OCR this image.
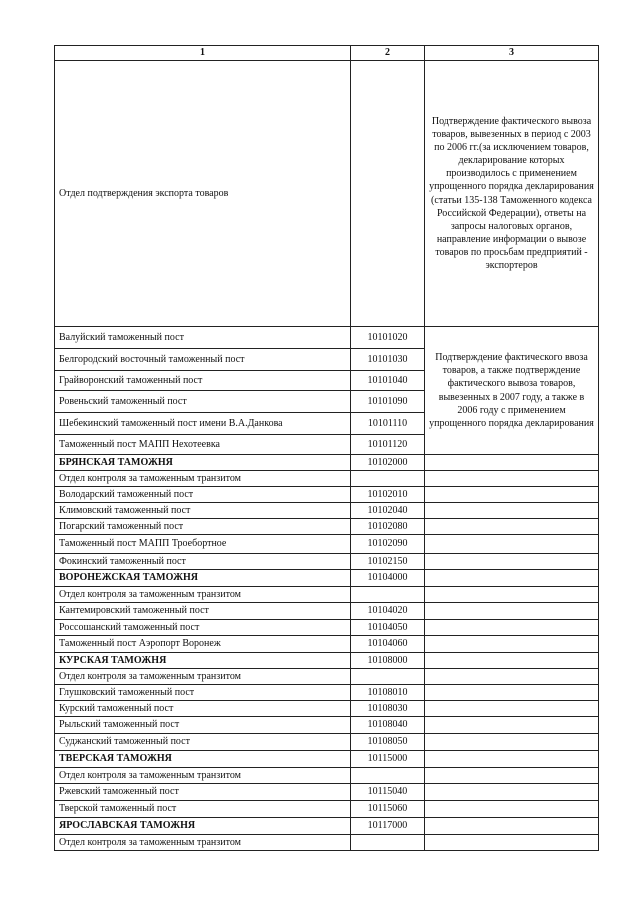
1	2	3
Отдел подтверждения экспорта товаров		Подтверждение фактического вывоза товаров, вывезенных в период с 2003 по 2006 гг.(за исключением товаров, декларирование которых производилось с применением упрощенного порядка декларирования (статьи 135-138 Таможенного кодекса Российской Федерации), ответы на запросы налоговых органов, направление информации о вывозе товаров по просьбам предприятий - экспортеров
Валуйский таможенный пост	10101020	Подтверждение фактического ввоза товаров, а также подтверждение фактического вывоза товаров, вывезенных в 2007 году, а также в 2006 году с применением упрощенного порядка декларирования
Белгородский восточный таможенный пост	10101030	
Грайворонский таможенный пост	10101040	
Ровеньский таможенный пост	10101090	
Шебекинский таможенный пост имени В.А.Данкова	10101110	
Таможенный пост МАПП Нехотеевка	10101120	
БРЯНСКАЯ ТАМОЖНЯ	10102000	
Отдел контроля за таможенным транзитом		
Володарский таможенный пост	10102010	
Климовский таможенный пост	10102040	
Погарский таможенный пост	10102080	
Таможенный пост МАПП Троебортное	10102090	
Фокинский таможенный пост	10102150	
ВОРОНЕЖСКАЯ ТАМОЖНЯ	10104000	
Отдел контроля за таможенным транзитом		
Кантемировский таможенный пост	10104020	
Россошанский таможенный пост	10104050	
Таможенный пост Аэропорт Воронеж	10104060	
КУРСКАЯ ТАМОЖНЯ	10108000	
Отдел контроля за таможенным транзитом		
Глушковский таможенный пост	10108010	
Курский таможенный пост	10108030	
Рыльский таможенный пост	10108040	
Суджанский таможенный пост	10108050	
ТВЕРСКАЯ ТАМОЖНЯ	10115000	
Отдел контроля за таможенным транзитом		
Ржевский таможенный пост	10115040	
Тверской таможенный пост	10115060	
ЯРОСЛАВСКАЯ ТАМОЖНЯ	10117000	
Отдел контроля за таможенным транзитом		
